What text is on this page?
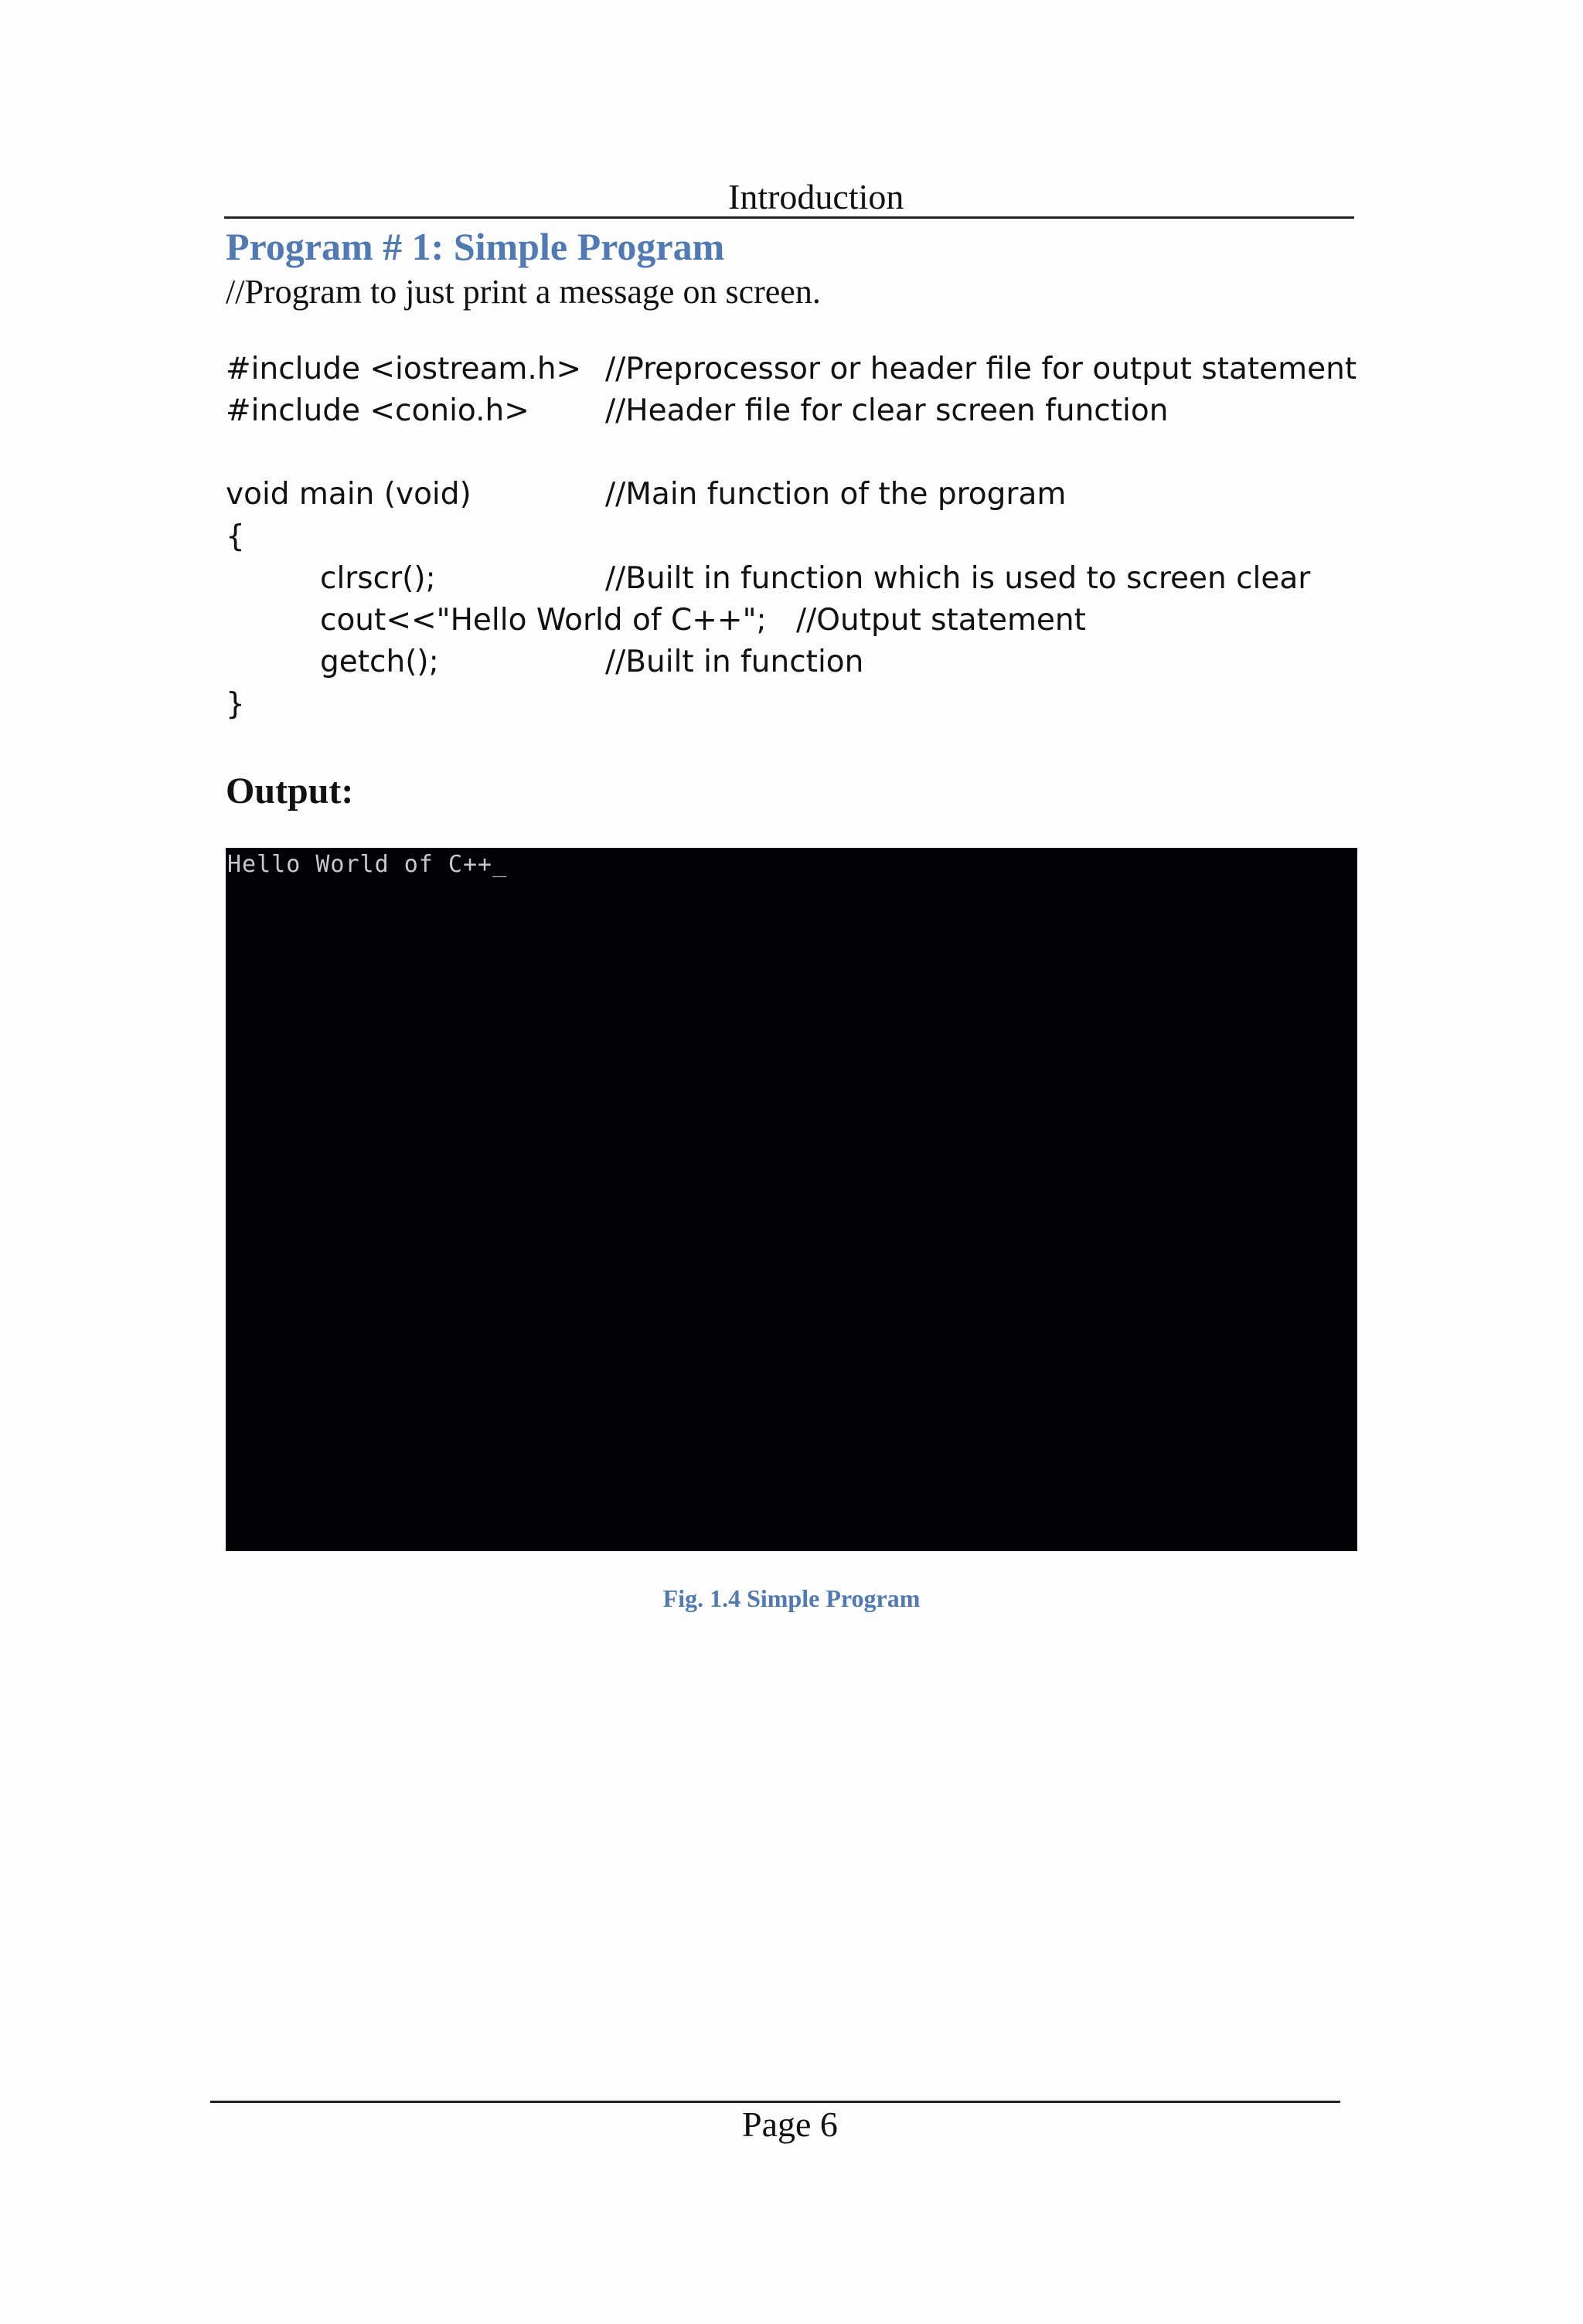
Introduction
Program # 1: Simple Program
//Program to just print a message on screen.
#include <iostream.h> //Preprocessor or header file for output statement
#include <conio.h>	//Header file for clear screen function
void main (void)	//Main function of the program
{
clrscr();	//Built in function which is used to screen clear
cout<<"Hello World of C++"; //Output statement
getch();	//Built in function
}
Output:
Hello World of C++_
Fig. 1.4 Simple Program
Page 6
